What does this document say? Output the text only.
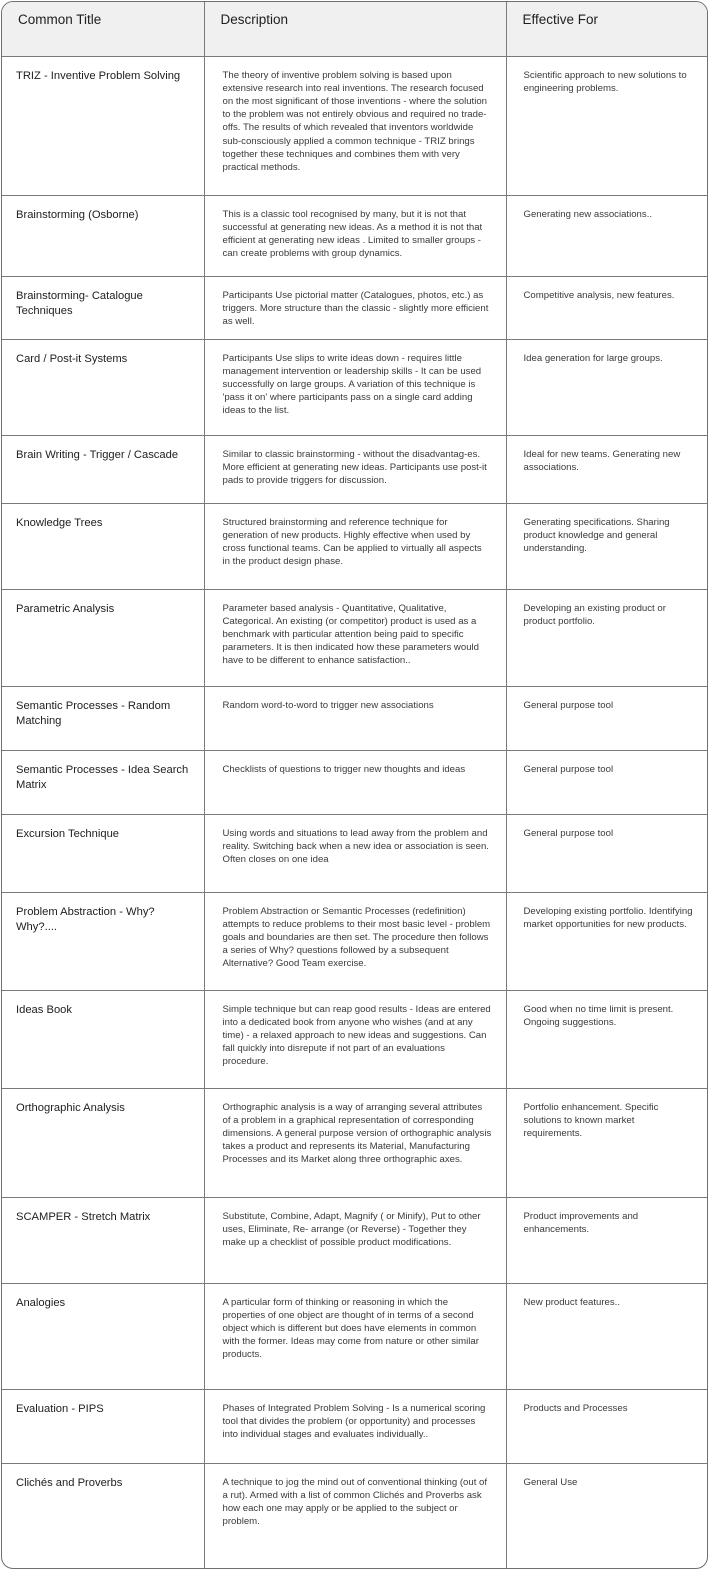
Common Title	Description	Effective For

TRIZ - Inventive Problem Solving	The theory of inventive problem solving is based upon extensive research into real inventions. The research focused on the most significant of those inventions - where the solution to the problem was not entirely obvious and required no trade-offs. The results of which revealed that inventors worldwide sub-consciously applied a common technique - TRIZ brings together these techniques and combines them with very practical methods.	Scientific approach to new solutions to engineering problems.

Brainstorming (Osborne)	This is a classic tool recognised by many, but it is not that successful at generating new ideas. As a method it is not that efficient at generating new ideas . Limited to smaller groups - can create problems with group dynamics.	Generating new associations..

Brainstorming- Catalogue Techniques	Participants Use pictorial matter (Catalogues, photos, etc.) as triggers. More structure than the classic - slightly more efficient as well.	Competitive analysis, new features.

Card / Post-it Systems	Participants Use slips to write ideas down - requires little management intervention or leadership skills - It can be used successfully on large groups. A variation of this technique is 'pass it on' where participants pass on a single card adding ideas to the list.	Idea generation for large groups.

Brain Writing - Trigger / Cascade	Similar to classic brainstorming - without the disadvantag-es. More efficient at generating new ideas. Participants use post-it pads to provide triggers for discussion.	Ideal for new teams. Generating new associations.

Knowledge Trees	Structured brainstorming and reference technique for generation of new products. Highly effective when used by cross functional teams. Can be applied to virtually all aspects in the product design phase.	Generating specifications. Sharing product knowledge and general understanding.

Parametric Analysis	Parameter based analysis - Quantitative, Qualitative, Categorical. An existing (or competitor) product is used as a benchmark with particular attention being paid to specific parameters. It is then indicated how these parameters would have to be different to enhance satisfaction..	Developing an existing product or product portfolio.

Semantic Processes - Random Matching	Random word-to-word to trigger new associations	General purpose tool

Semantic Processes - Idea Search Matrix	Checklists of questions to trigger new thoughts and ideas	General purpose tool

Excursion Technique	Using words and situations to lead away from the problem and reality. Switching back when a new idea or association is seen. Often closes on one idea	General purpose tool

Problem Abstraction - Why? Why?....	Problem Abstraction or Semantic Processes (redefinition) attempts to reduce problems to their most basic level - problem goals and boundaries are then set. The procedure then follows a series of Why? questions followed by a subsequent Alternative? Good Team exercise.	Developing existing portfolio. Identifying market opportunities for new products.

Ideas Book	Simple technique but can reap good results - Ideas are entered into a dedicated book from anyone who wishes (and at any time) - a relaxed approach to new ideas and suggestions. Can fall quickly into disrepute if not part of an evaluations procedure.	Good when no time limit is present. Ongoing suggestions.

Orthographic Analysis	Orthographic analysis is a way of arranging several attributes of a problem in a graphical representation of corresponding dimensions. A general purpose version of orthographic analysis takes a product and represents its Material, Manufacturing Processes and its Market along three orthographic axes.	Portfolio enhancement. Specific solutions to known market requirements.

SCAMPER - Stretch Matrix	Substitute, Combine, Adapt, Magnify ( or Minify), Put to other uses, Eliminate, Re- arrange (or Reverse) - Together they make up a checklist of possible product modifications.	Product improvements and enhancements.

Analogies	A particular form of thinking or reasoning in which the properties of one object are thought of in terms of a second object which is different but does have elements in common with the former. Ideas may come from nature or other similar products.	New product features..

Evaluation - PIPS	Phases of Integrated Problem Solving - Is a numerical scoring tool that divides the problem (or opportunity) and processes into individual stages and evaluates individually..	Products and Processes

Clichés and Proverbs	A technique to jog the mind out of conventional thinking (out of a rut). Armed with a list of common Clichés and Proverbs ask how each one may apply or be applied to the subject or problem.	General Use
